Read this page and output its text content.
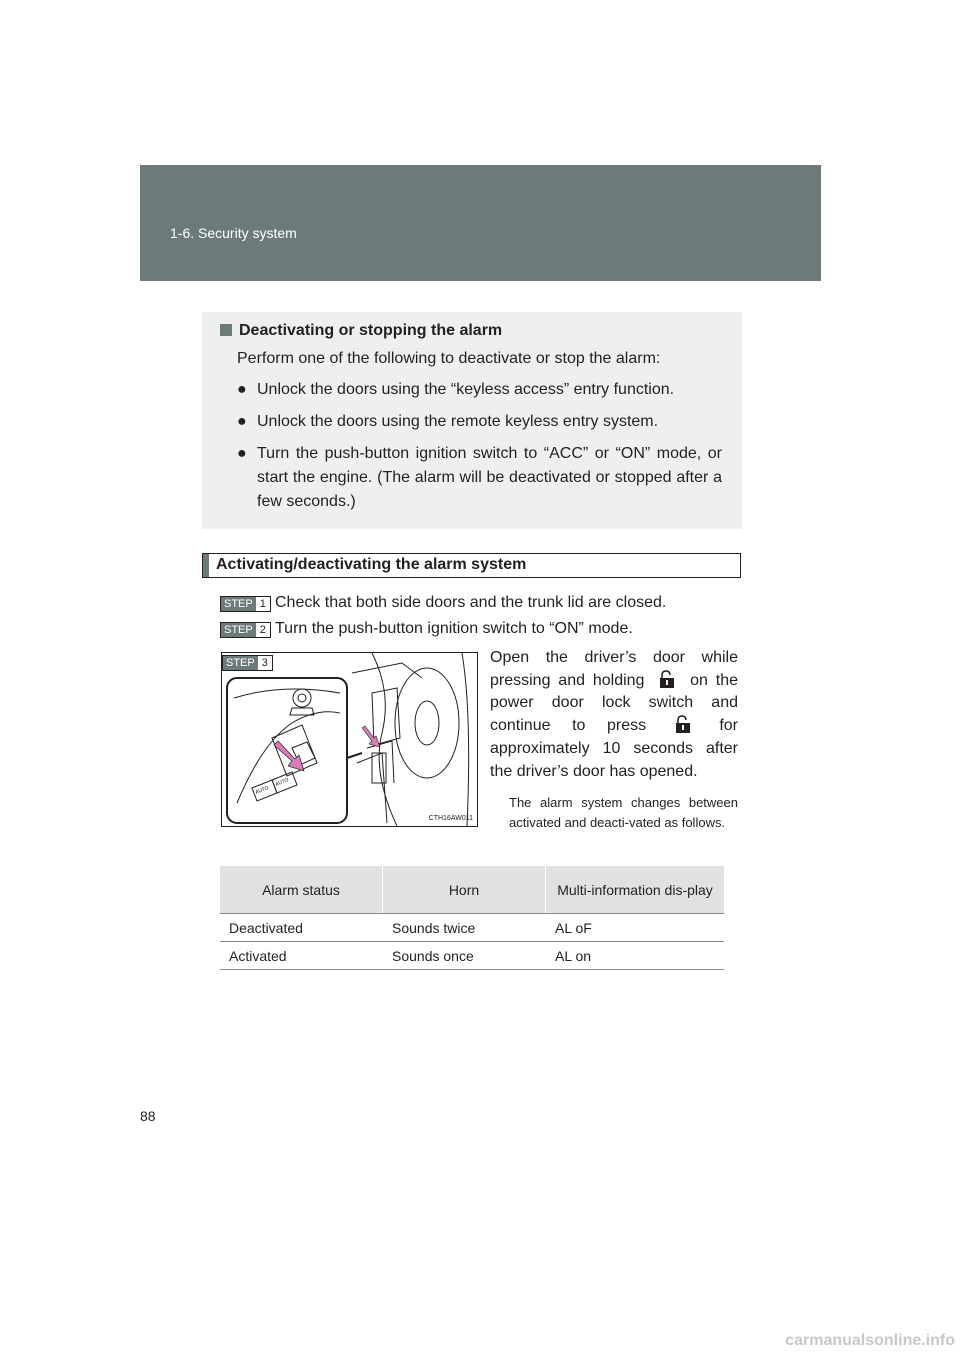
1-6. Security system
Deactivating or stopping the alarm
Perform one of the following to deactivate or stop the alarm:
● Unlock the doors using the “keyless access” entry function.
● Unlock the doors using the remote keyless entry system.
● Turn the push-button ignition switch to “ACC” or “ON” mode, or start the engine. (The alarm will be deactivated or stopped after a few seconds.)
Activating/deactivating the alarm system
STEP 1 Check that both side doors and the trunk lid are closed.
STEP 2 Turn the push-button ignition switch to “ON” mode.
AUTO
AUTO
STEP 3
CTH16AW011
Open the driver’s door while pressing and holding	on the power door lock switch and continue to press	for approximately 10 seconds after the driver’s door has opened.
The alarm system changes between activated and deacti-vated as follows.
Alarm status	Horn	Multi-information dis-play
Deactivated	Sounds twice	AL oF
Activated	Sounds once	AL on
88
carmanualsonline.info
